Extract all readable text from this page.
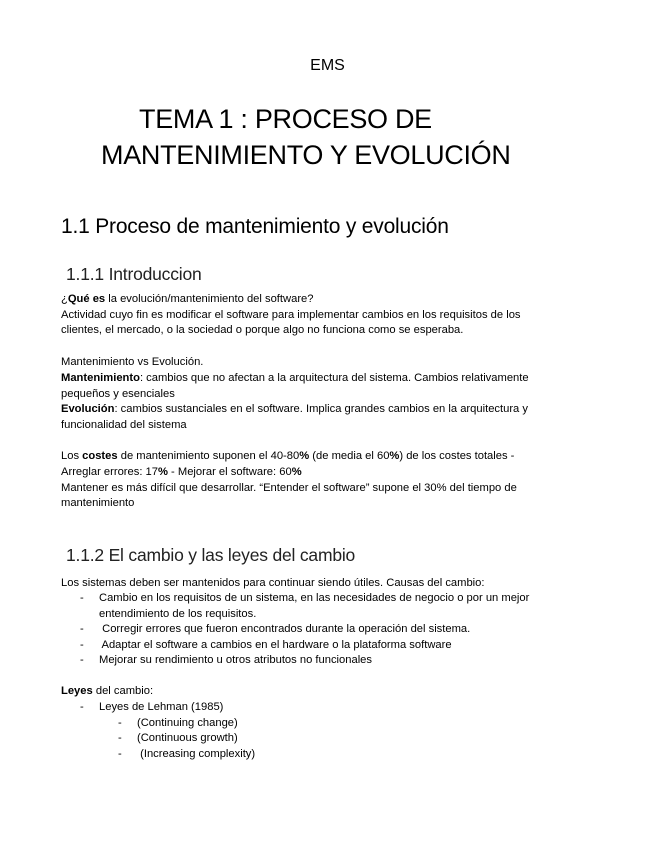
EMS
TEMA 1 : PROCESO DE
MANTENIMIENTO Y EVOLUCIÓN
1.1 Proceso de mantenimiento y evolución
1.1.1 Introduccion
¿Qué es la evolución/mantenimiento del software?
Actividad cuyo fin es modificar el software para implementar cambios en los requisitos de los
clientes, el mercado, o la sociedad o porque algo no funciona como se esperaba.
Mantenimiento vs Evolución.
Mantenimiento: cambios que no afectan a la arquitectura del sistema. Cambios relativamente
pequeños y esenciales
Evolución: cambios sustanciales en el software. Implica grandes cambios en la arquitectura y
funcionalidad del sistema
Los costes de mantenimiento suponen el 40-80% (de media el 60%) de los costes totales -
Arreglar errores: 17% - Mejorar el software: 60%
Mantener es más difícil que desarrollar. “Entender el software” supone el 30% del tiempo de
mantenimiento
1.1.2 El cambio y las leyes del cambio
Los sistemas deben ser mantenidos para continuar siendo útiles. Causas del cambio:
- Cambio en los requisitos de un sistema, en las necesidades de negocio o por un mejor
entendimiento de los requisitos.
- Corregir errores que fueron encontrados durante la operación del sistema.
- Adaptar el software a cambios en el hardware o la plataforma software
- Mejorar su rendimiento u otros atributos no funcionales
Leyes del cambio:
- Leyes de Lehman (1985)
- (Continuing change)
- (Continuous growth)
- (Increasing complexity)
